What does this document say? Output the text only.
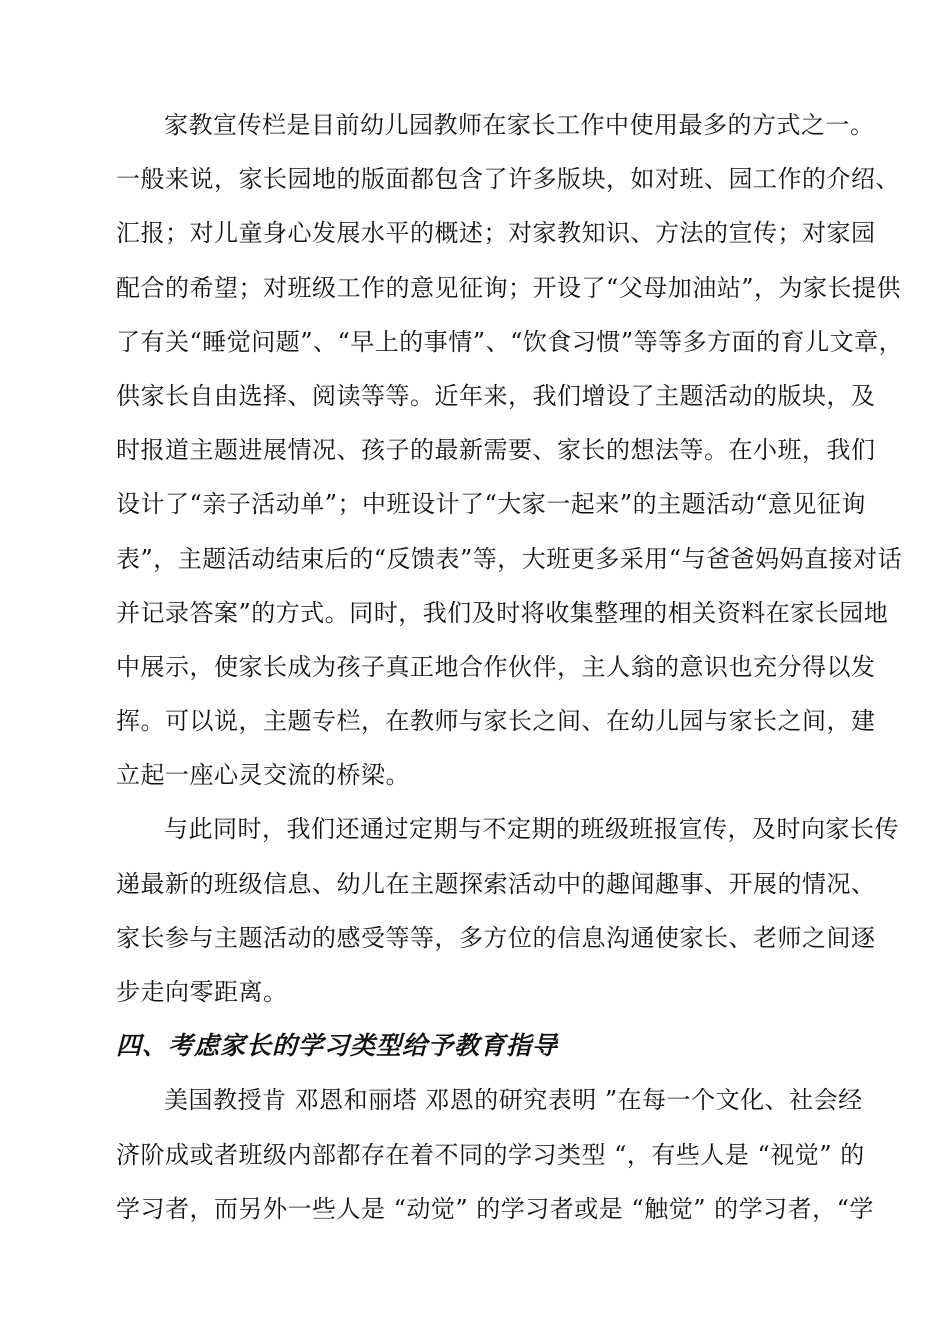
家教宣传栏是目前幼儿园教师在家长工作中使用最多的方式之一。
一般来说，家长园地的版面都包含了许多版块，如对班、园工作的介绍、
汇报；对儿童身心发展水平的概述；对家教知识、方法的宣传；对家园
配合的希望；对班级工作的意见征询；开设了“父母加油站”，为家长提供
了有关“睡觉问题”、“早上的事情”、“饮食习惯”等等多方面的育儿文章，
供家长自由选择、阅读等等。近年来，我们增设了主题活动的版块，及
时报道主题进展情况、孩子的最新需要、家长的想法等。在小班，我们
设计了“亲子活动单”；中班设计了“大家一起来”的主题活动“意见征询
表”，主题活动结束后的“反馈表”等，大班更多采用“与爸爸妈妈直接对话
并记录答案”的方式。同时，我们及时将收集整理的相关资料在家长园地
中展示，使家长成为孩子真正地合作伙伴，主人翁的意识也充分得以发
挥。可以说，主题专栏，在教师与家长之间、在幼儿园与家长之间，建
立起一座心灵交流的桥梁。
与此同时，我们还通过定期与不定期的班级班报宣传，及时向家长传
递最新的班级信息、幼儿在主题探索活动中的趣闻趣事、开展的情况、
家长参与主题活动的感受等等，多方位的信息沟通使家长、老师之间逐
步走向零距离。
四、考虑家长的学习类型给予教育指导
美国教授肯 邓恩和丽塔 邓恩的研究表明 ”在每一个文化、社会经
济阶成或者班级内部都存在着不同的学习类型 “，有些人是 “视觉” 的
学习者，而另外一些人是 “动觉” 的学习者或是 “触觉” 的学习者，“学
